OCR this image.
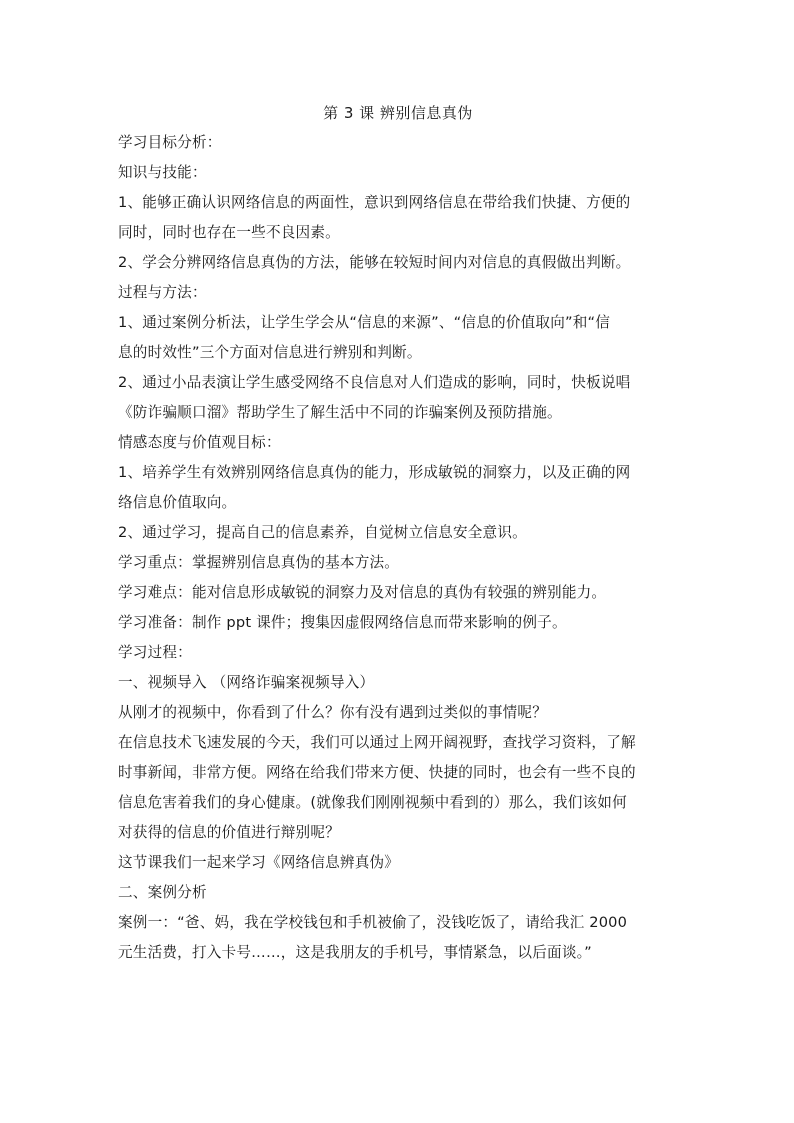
第 3 课 辨别信息真伪

学习目标分析：

知识与技能：

1、能够正确认识网络信息的两面性，意识到网络信息在带给我们快捷、方便的

同时，同时也存在一些不良因素。

2、学会分辨网络信息真伪的方法，能够在较短时间内对信息的真假做出判断。

过程与方法：

1、通过案例分析法，让学生学会从“信息的来源”、“信息的价值取向”和“信

息的时效性”三个方面对信息进行辨别和判断。

2、通过小品表演让学生感受网络不良信息对人们造成的影响，同时，快板说唱

《防诈骗顺口溜》帮助学生了解生活中不同的诈骗案例及预防措施。

情感态度与价值观目标：

1、培养学生有效辨别网络信息真伪的能力，形成敏锐的洞察力，以及正确的网

络信息价值取向。

2、通过学习，提高自己的信息素养，自觉树立信息安全意识。

学习重点：掌握辨别信息真伪的基本方法。

学习难点：能对信息形成敏锐的洞察力及对信息的真伪有较强的辨别能力。

学习准备：制作 ppt 课件；搜集因虚假网络信息而带来影响的例子。

学习过程：

一、视频导入 （网络诈骗案视频导入）

从刚才的视频中，你看到了什么？你有没有遇到过类似的事情呢？

在信息技术飞速发展的今天，我们可以通过上网开阔视野，查找学习资料，了解

时事新闻，非常方便。网络在给我们带来方便、快捷的同时，也会有一些不良的

信息危害着我们的身心健康。(就像我们刚刚视频中看到的）那么，我们该如何

对获得的信息的价值进行辩别呢？

这节课我们一起来学习《网络信息辨真伪》

二、案例分析

案例一：“爸、妈，我在学校钱包和手机被偷了，没钱吃饭了，请给我汇 2000

元生活费，打入卡号……，这是我朋友的手机号，事情紧急，以后面谈。”
